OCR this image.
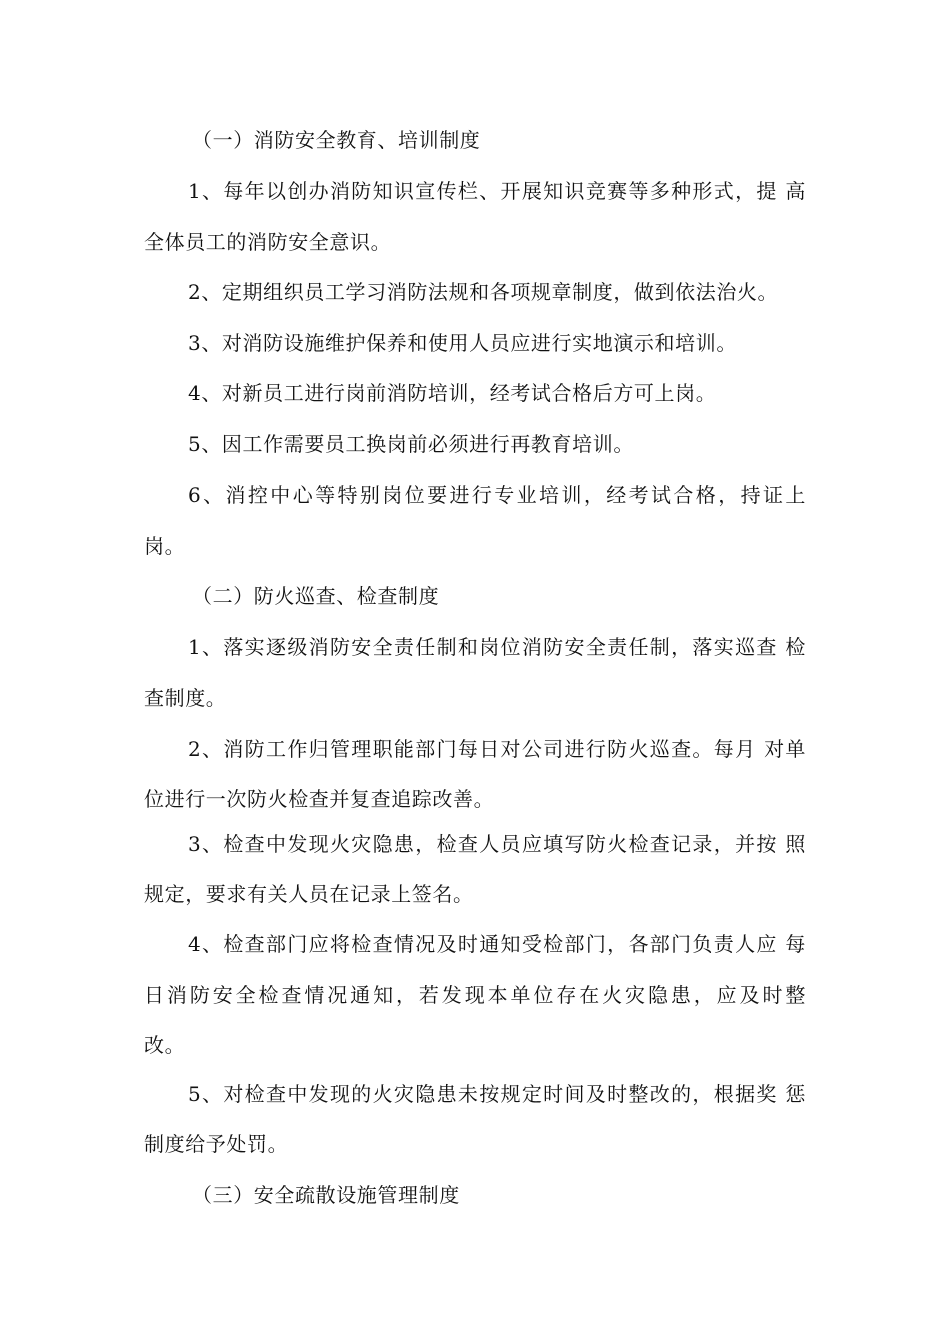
（一）消防安全教育、培训制度
1、每年以创办消防知识宣传栏、开展知识竞赛等多种形式，提 高
全体员工的消防安全意识。
2、定期组织员工学习消防法规和各项规章制度，做到依法治火。
3、对消防设施维护保养和使用人员应进行实地演示和培训。
4、对新员工进行岗前消防培训，经考试合格后方可上岗。
5、因工作需要员工换岗前必须进行再教育培训。
6、消控中心等特别岗位要进行专业培训，经考试合格，持证上
岗。
（二）防火巡查、检查制度
1、落实逐级消防安全责任制和岗位消防安全责任制，落实巡查 检
查制度。
2、消防工作归管理职能部门每日对公司进行防火巡查。每月 对单
位进行一次防火检查并复查追踪改善。
3、检查中发现火灾隐患，检查人员应填写防火检查记录，并按 照
规定，要求有关人员在记录上签名。
4、检查部门应将检查情况及时通知受检部门，各部门负责人应 每
日消防安全检查情况通知，若发现本单位存在火灾隐患，应及时整
改。
5、对检查中发现的火灾隐患未按规定时间及时整改的，根据奖 惩
制度给予处罚。
（三）安全疏散设施管理制度
